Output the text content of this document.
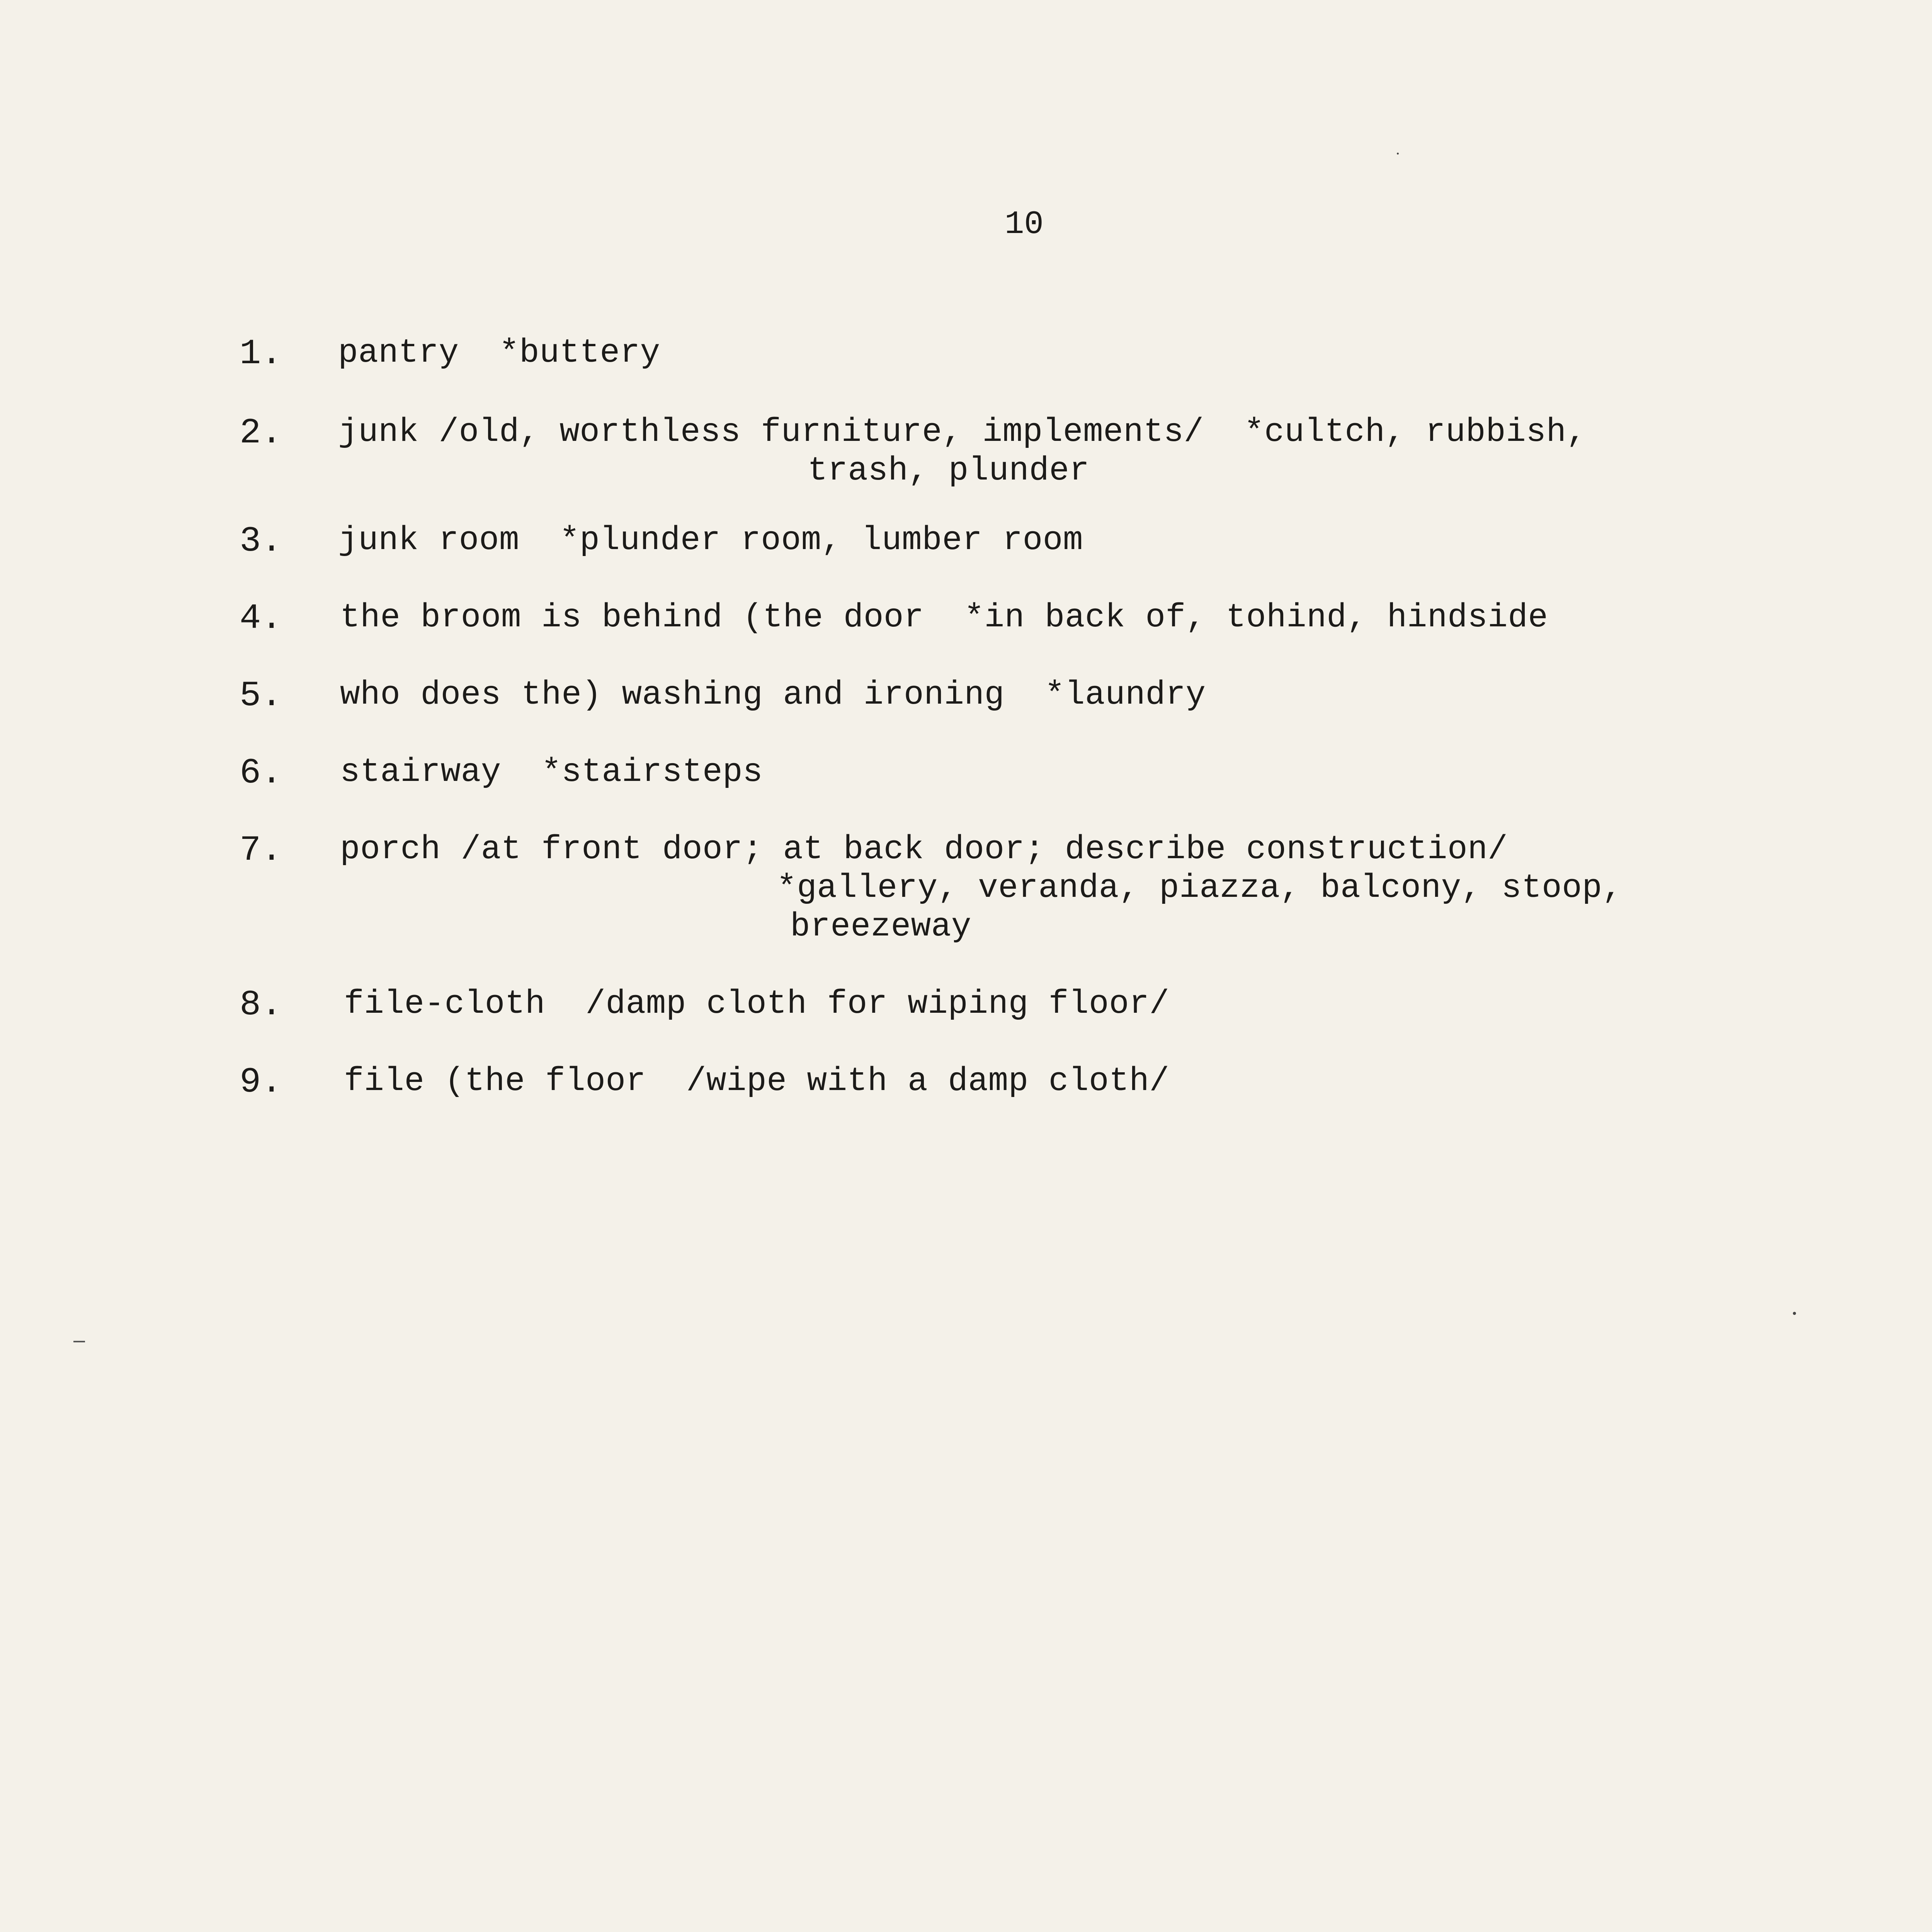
10
1. pantry  *buttery
2. junk /old, worthless furniture, implements/  *cultch, rubbish,
trash, plunder
3. junk room  *plunder room, lumber room
4. the broom is behind (the door  *in back of, tohind, hindside
5. who does the) washing and ironing  *laundry
6. stairway  *stairsteps
7. porch /at front door; at back door; describe construction/
*gallery, veranda, piazza, balcony, stoop,
breezeway
8. file-cloth  /damp cloth for wiping floor/
9. file (the floor  /wipe with a damp cloth/
